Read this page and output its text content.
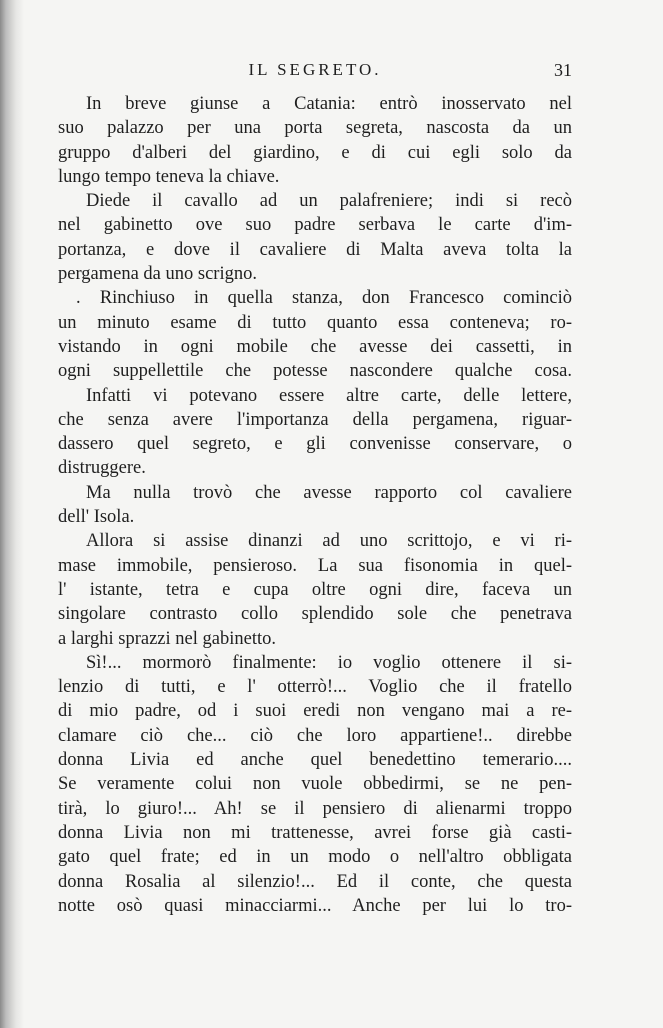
IL SEGRETO.	31
In breve giunse a Catania: entrò inosservato nel
suo palazzo per una porta segreta, nascosta da un
gruppo d'alberi del giardino, e di cui egli solo da
lungo tempo teneva la chiave.
Diede il cavallo ad un palafreniere; indi si recò
nel gabinetto ove suo padre serbava le carte d'im-
portanza, e dove il cavaliere di Malta aveva tolta la
pergamena da uno scrigno.
. Rinchiuso in quella stanza, don Francesco cominciò
un minuto esame di tutto quanto essa conteneva; ro-
vistando in ogni mobile che avesse dei cassetti, in
ogni suppellettile che potesse nascondere qualche cosa.
Infatti vi potevano essere altre carte, delle lettere,
che senza avere l'importanza della pergamena, riguar-
dassero quel segreto, e gli convenisse conservare, o
distruggere.
Ma nulla trovò che avesse rapporto col cavaliere
dell' Isola.
Allora si assise dinanzi ad uno scrittojo, e vi ri-
mase immobile, pensieroso. La sua fisonomia in quel-
l' istante, tetra e cupa oltre ogni dire, faceva un
singolare contrasto collo splendido sole che penetrava
a larghi sprazzi nel gabinetto.
Sì!... mormorò finalmente: io voglio ottenere il si-
lenzio di tutti, e l' otterrò!... Voglio che il fratello
di mio padre, od i suoi eredi non vengano mai a re-
clamare ciò che... ciò che loro appartiene!.. direbbe
donna Livia ed anche quel benedettino temerario....
Se veramente colui non vuole obbedirmi, se ne pen-
tirà, lo giuro!... Ah! se il pensiero di alienarmi troppo
donna Livia non mi trattenesse, avrei forse già casti-
gato quel frate; ed in un modo o nell'altro obbligata
donna Rosalia al silenzio!... Ed il conte, che questa
notte osò quasi minacciarmi... Anche per lui lo tro-
